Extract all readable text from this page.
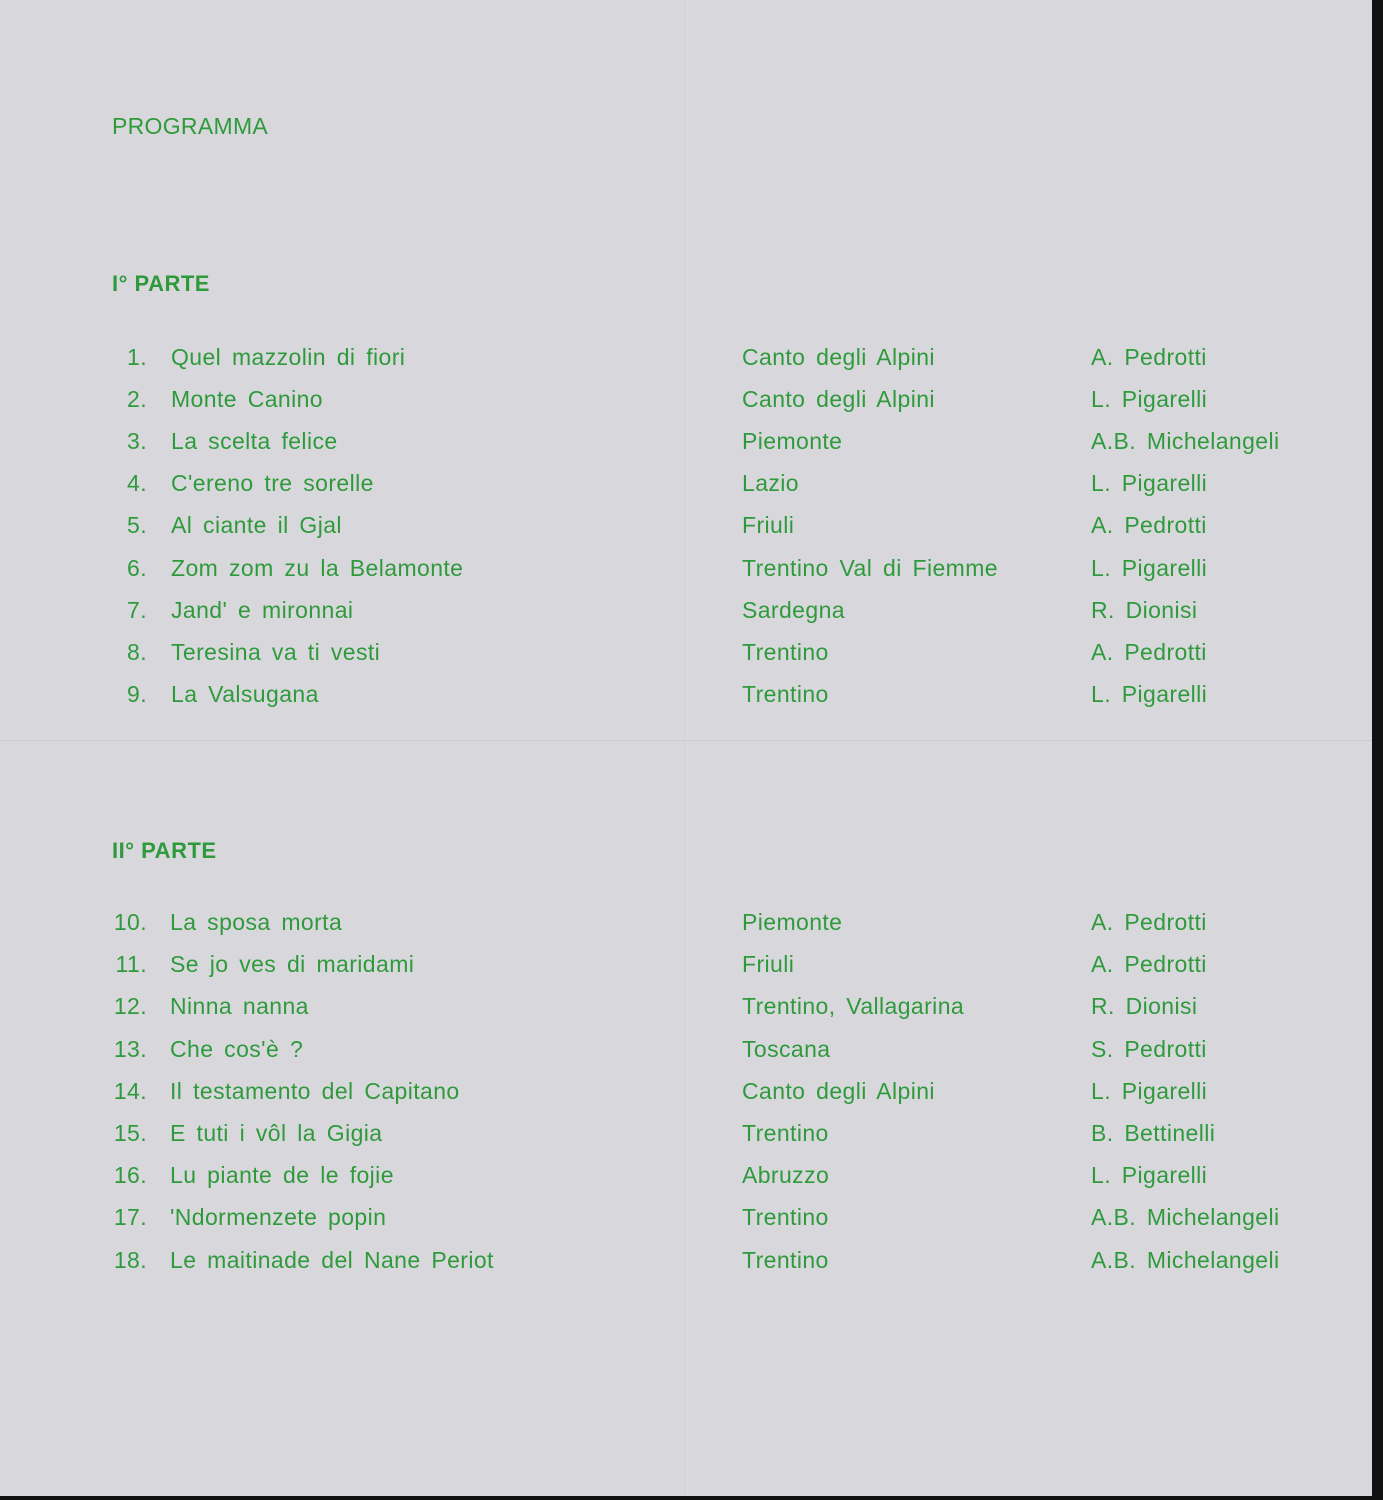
PROGRAMMA
I° PARTE
1. Quel mazzolin di fiori	Canto degli Alpini	A. Pedrotti
2. Monte Canino	Canto degli Alpini	L. Pigarelli
3. La scelta felice	Piemonte	A.B. Michelangeli
4. C'ereno tre sorelle	Lazio	L. Pigarelli
5. Al ciante il Gjal	Friuli	A. Pedrotti
6. Zom zom zu la Belamonte	Trentino Val di Fiemme	L. Pigarelli
7. Jand' e mironnai	Sardegna	R. Dionisi
8. Teresina va ti vesti	Trentino	A. Pedrotti
9. La Valsugana	Trentino	L. Pigarelli
II° PARTE
10. La sposa morta	Piemonte	A. Pedrotti
11. Se jo ves di maridami	Friuli	A. Pedrotti
12. Ninna nanna	Trentino, Vallagarina	R. Dionisi
13. Che cos'è ?	Toscana	S. Pedrotti
14. Il testamento del Capitano	Canto degli Alpini	L. Pigarelli
15. E tuti i vôl la Gigia	Trentino	B. Bettinelli
16. Lu piante de le fojie	Abruzzo	L. Pigarelli
17. 'Ndormenzete popin	Trentino	A.B. Michelangeli
18. Le maitinade del Nane Periot	Trentino	A.B. Michelangeli
